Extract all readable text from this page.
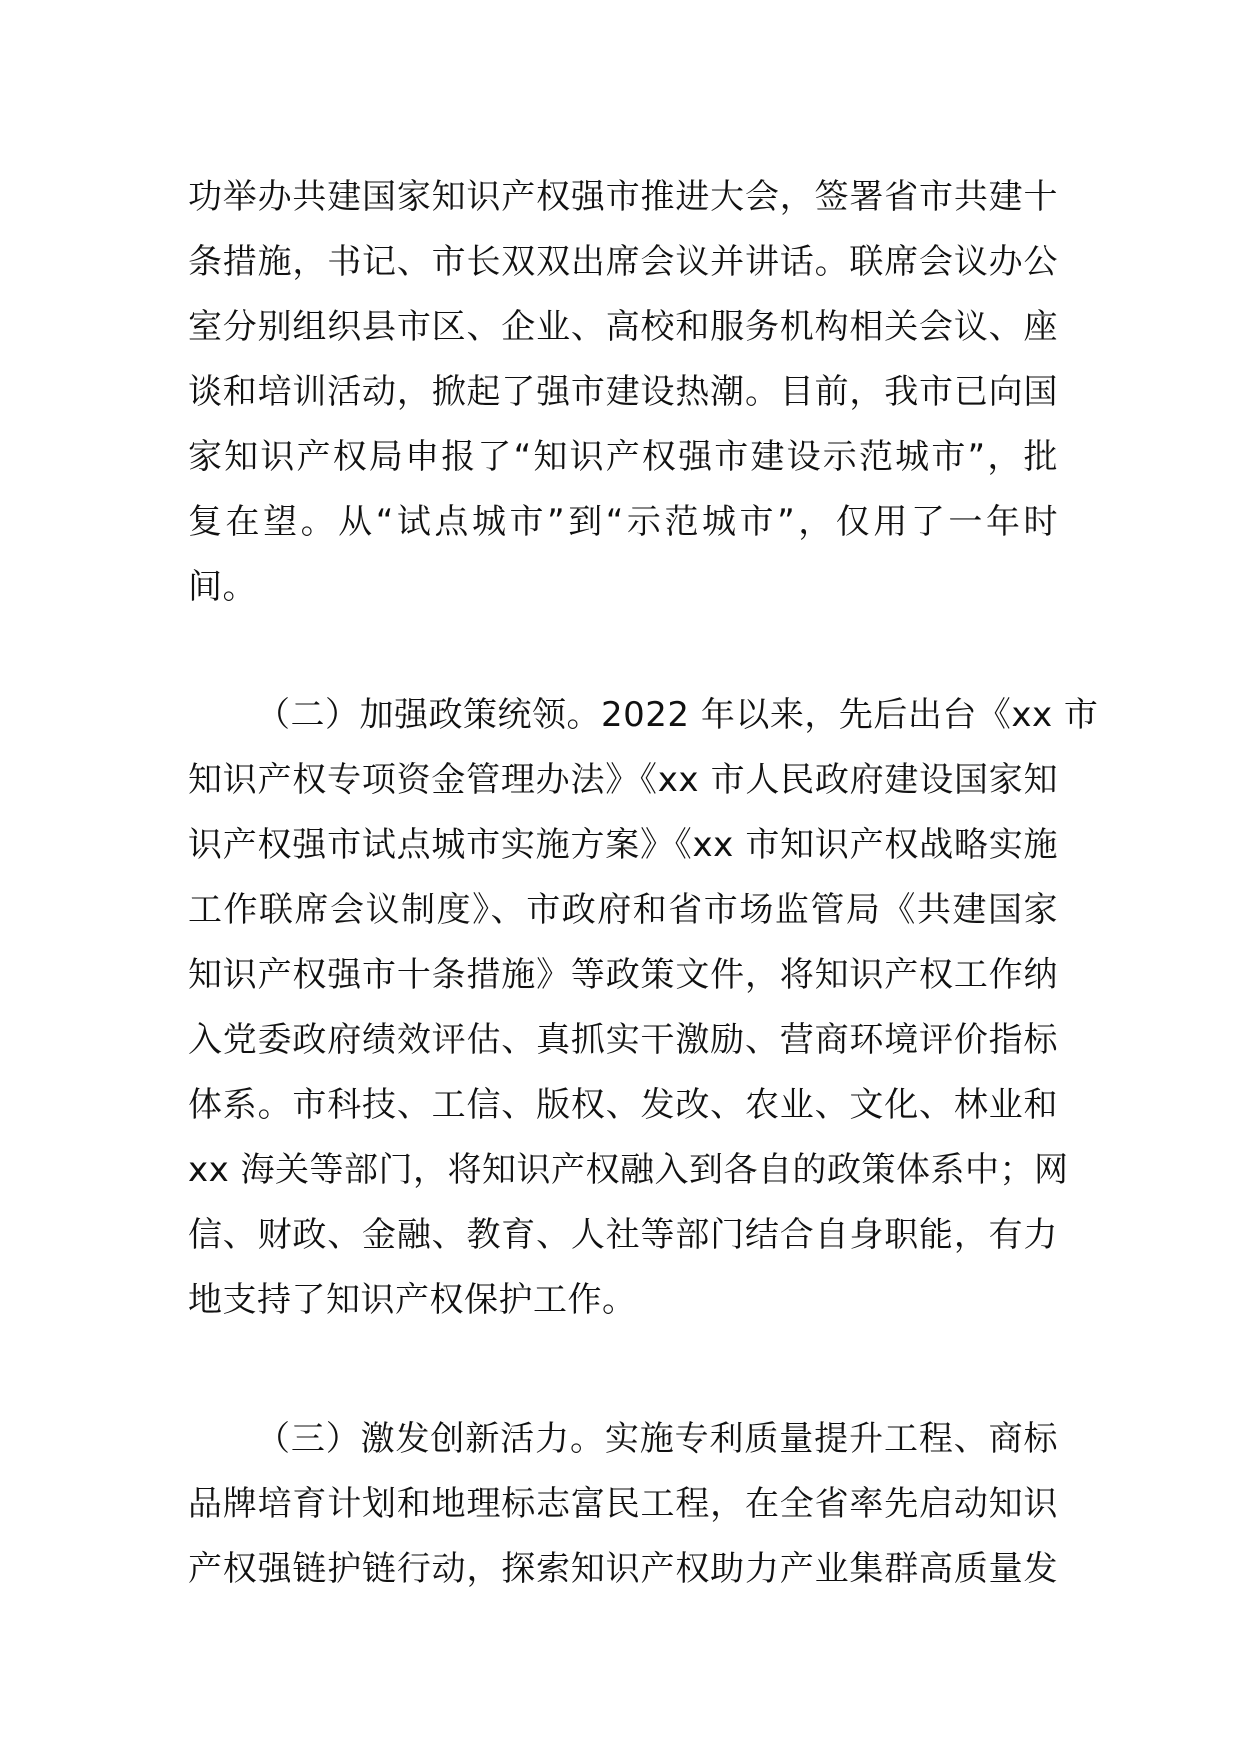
功举办共建国家知识产权强市推进大会，签署省市共建十
条措施，书记、市长双双出席会议并讲话。联席会议办公
室分别组织县市区、企业、高校和服务机构相关会议、座
谈和培训活动，掀起了强市建设热潮。目前，我市已向国
家知识产权局申报了“知识产权强市建设示范城市”，批
复在望。从“试点城市”到“示范城市”，仅用了一年时
间。
（二）加强政策统领。2022 年以来，先后出台《xx 市
知识产权专项资金管理办法》《xx 市人民政府建设国家知
识产权强市试点城市实施方案》《xx 市知识产权战略实施
工作联席会议制度》、市政府和省市场监管局《共建国家
知识产权强市十条措施》等政策文件，将知识产权工作纳
入党委政府绩效评估、真抓实干激励、营商环境评价指标
体系。市科技、工信、版权、发改、农业、文化、林业和
xx 海关等部门，将知识产权融入到各自的政策体系中；网
信、财政、金融、教育、人社等部门结合自身职能，有力
地支持了知识产权保护工作。
（三）激发创新活力。实施专利质量提升工程、商标
品牌培育计划和地理标志富民工程，在全省率先启动知识
产权强链护链行动，探索知识产权助力产业集群高质量发
